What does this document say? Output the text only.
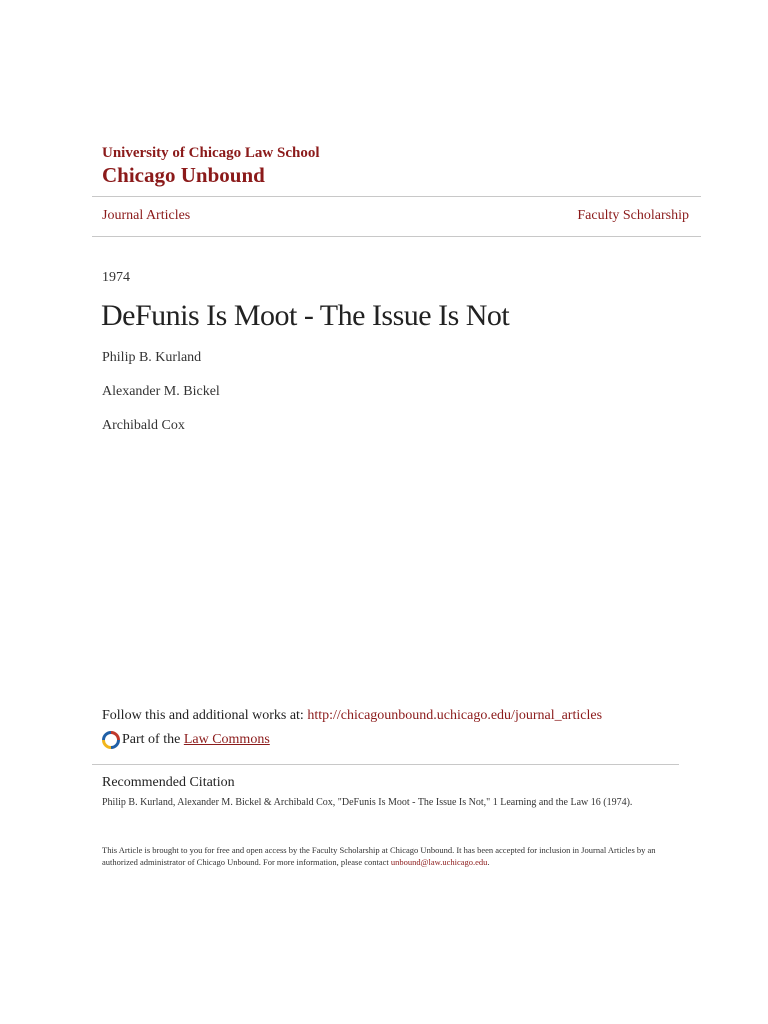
University of Chicago Law School
Chicago Unbound
Journal Articles	Faculty Scholarship
1974
DeFunis Is Moot - The Issue Is Not
Philip B. Kurland
Alexander M. Bickel
Archibald Cox
Follow this and additional works at: http://chicagounbound.uchicago.edu/journal_articles
Part of the
Law Commons
Recommended Citation
Philip B. Kurland, Alexander M. Bickel & Archibald Cox, "DeFunis Is Moot - The Issue Is Not," 1 Learning and the Law 16 (1974).
This Article is brought to you for free and open access by the Faculty Scholarship at Chicago Unbound. It has been accepted for inclusion in Journal Articles by an authorized administrator of Chicago Unbound. For more information, please contact unbound@law.uchicago.edu.
